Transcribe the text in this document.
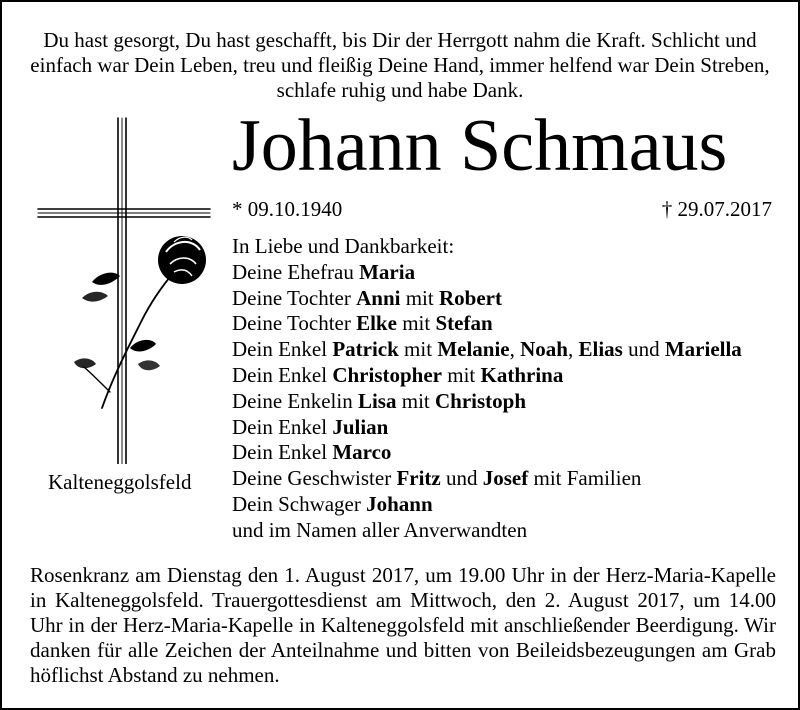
Du hast gesorgt, Du hast geschafft, bis Dir der Herrgott nahm die Kraft. Schlicht und einfach war Dein Leben, treu und fleißig Deine Hand, immer helfend war Dein Streben, schlafe ruhig und habe Dank.
Johann Schmaus
* 09.10.1940	† 29.07.2017
Kalteneggolsfeld
In Liebe und Dankbarkeit:
Deine Ehefrau Maria
Deine Tochter Anni mit Robert
Deine Tochter Elke mit Stefan
Dein Enkel Patrick mit Melanie, Noah, Elias und Mariella
Dein Enkel Christopher mit Kathrina
Deine Enkelin Lisa mit Christoph
Dein Enkel Julian
Dein Enkel Marco
Deine Geschwister Fritz und Josef mit Familien
Dein Schwager Johann
und im Namen aller Anverwandten
Rosenkranz am Dienstag den 1. August 2017, um 19.00 Uhr in der Herz-Maria-Kapelle in Kalteneggolsfeld. Trauergottesdienst am Mittwoch, den 2. August 2017, um 14.00 Uhr in der Herz-Maria-Kapelle in Kalteneggolsfeld mit anschließender Beerdigung. Wir danken für alle Zeichen der Anteilnahme und bitten von Beileidsbezeugungen am Grab höflichst Abstand zu nehmen.
